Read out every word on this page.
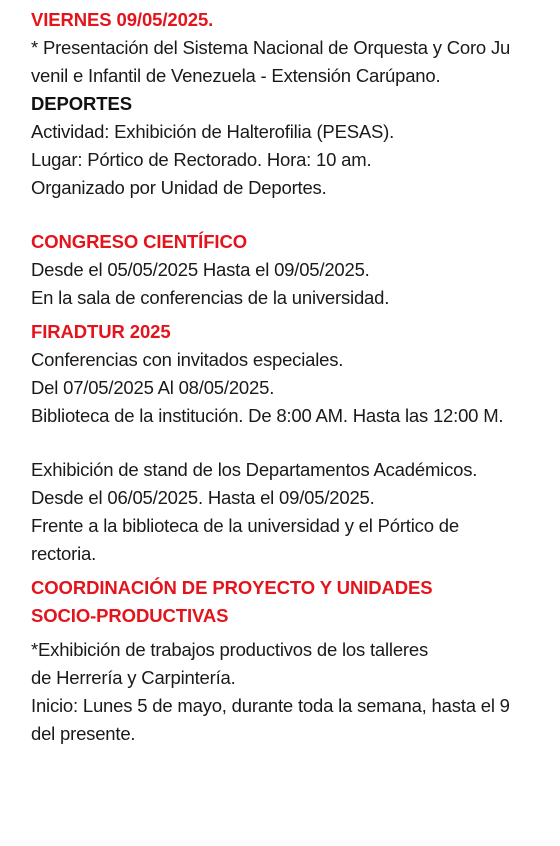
VIERNES 09/05/2025.
* Presentación del Sistema Nacional de Orquesta y Coro Ju
venil e Infantil de Venezuela - Extensión Carúpano.
DEPORTES
Actividad: Exhibición de Halterofilia (PESAS).
Lugar: Pórtico de Rectorado. Hora: 10 am.
Organizado por Unidad de Deportes.
CONGRESO CIENTÍFICO
Desde el 05/05/2025 Hasta el 09/05/2025.
En la sala de conferencias de la universidad.
FIRADTUR 2025
Conferencias con invitados especiales.
Del 07/05/2025 Al 08/05/2025.
Biblioteca de la institución. De 8:00 AM. Hasta las 12:00 M.
Exhibición de stand de los Departamentos Académicos.
Desde el 06/05/2025. Hasta el 09/05/2025.
Frente a la biblioteca de la universidad y el Pórtico de
rectoria.
COORDINACIÓN DE PROYECTO Y UNIDADES
SOCIO-PRODUCTIVAS
*Exhibición de trabajos productivos de los talleres
de Herrería y Carpintería.
Inicio: Lunes 5 de mayo, durante toda la semana, hasta el 9
del presente.
